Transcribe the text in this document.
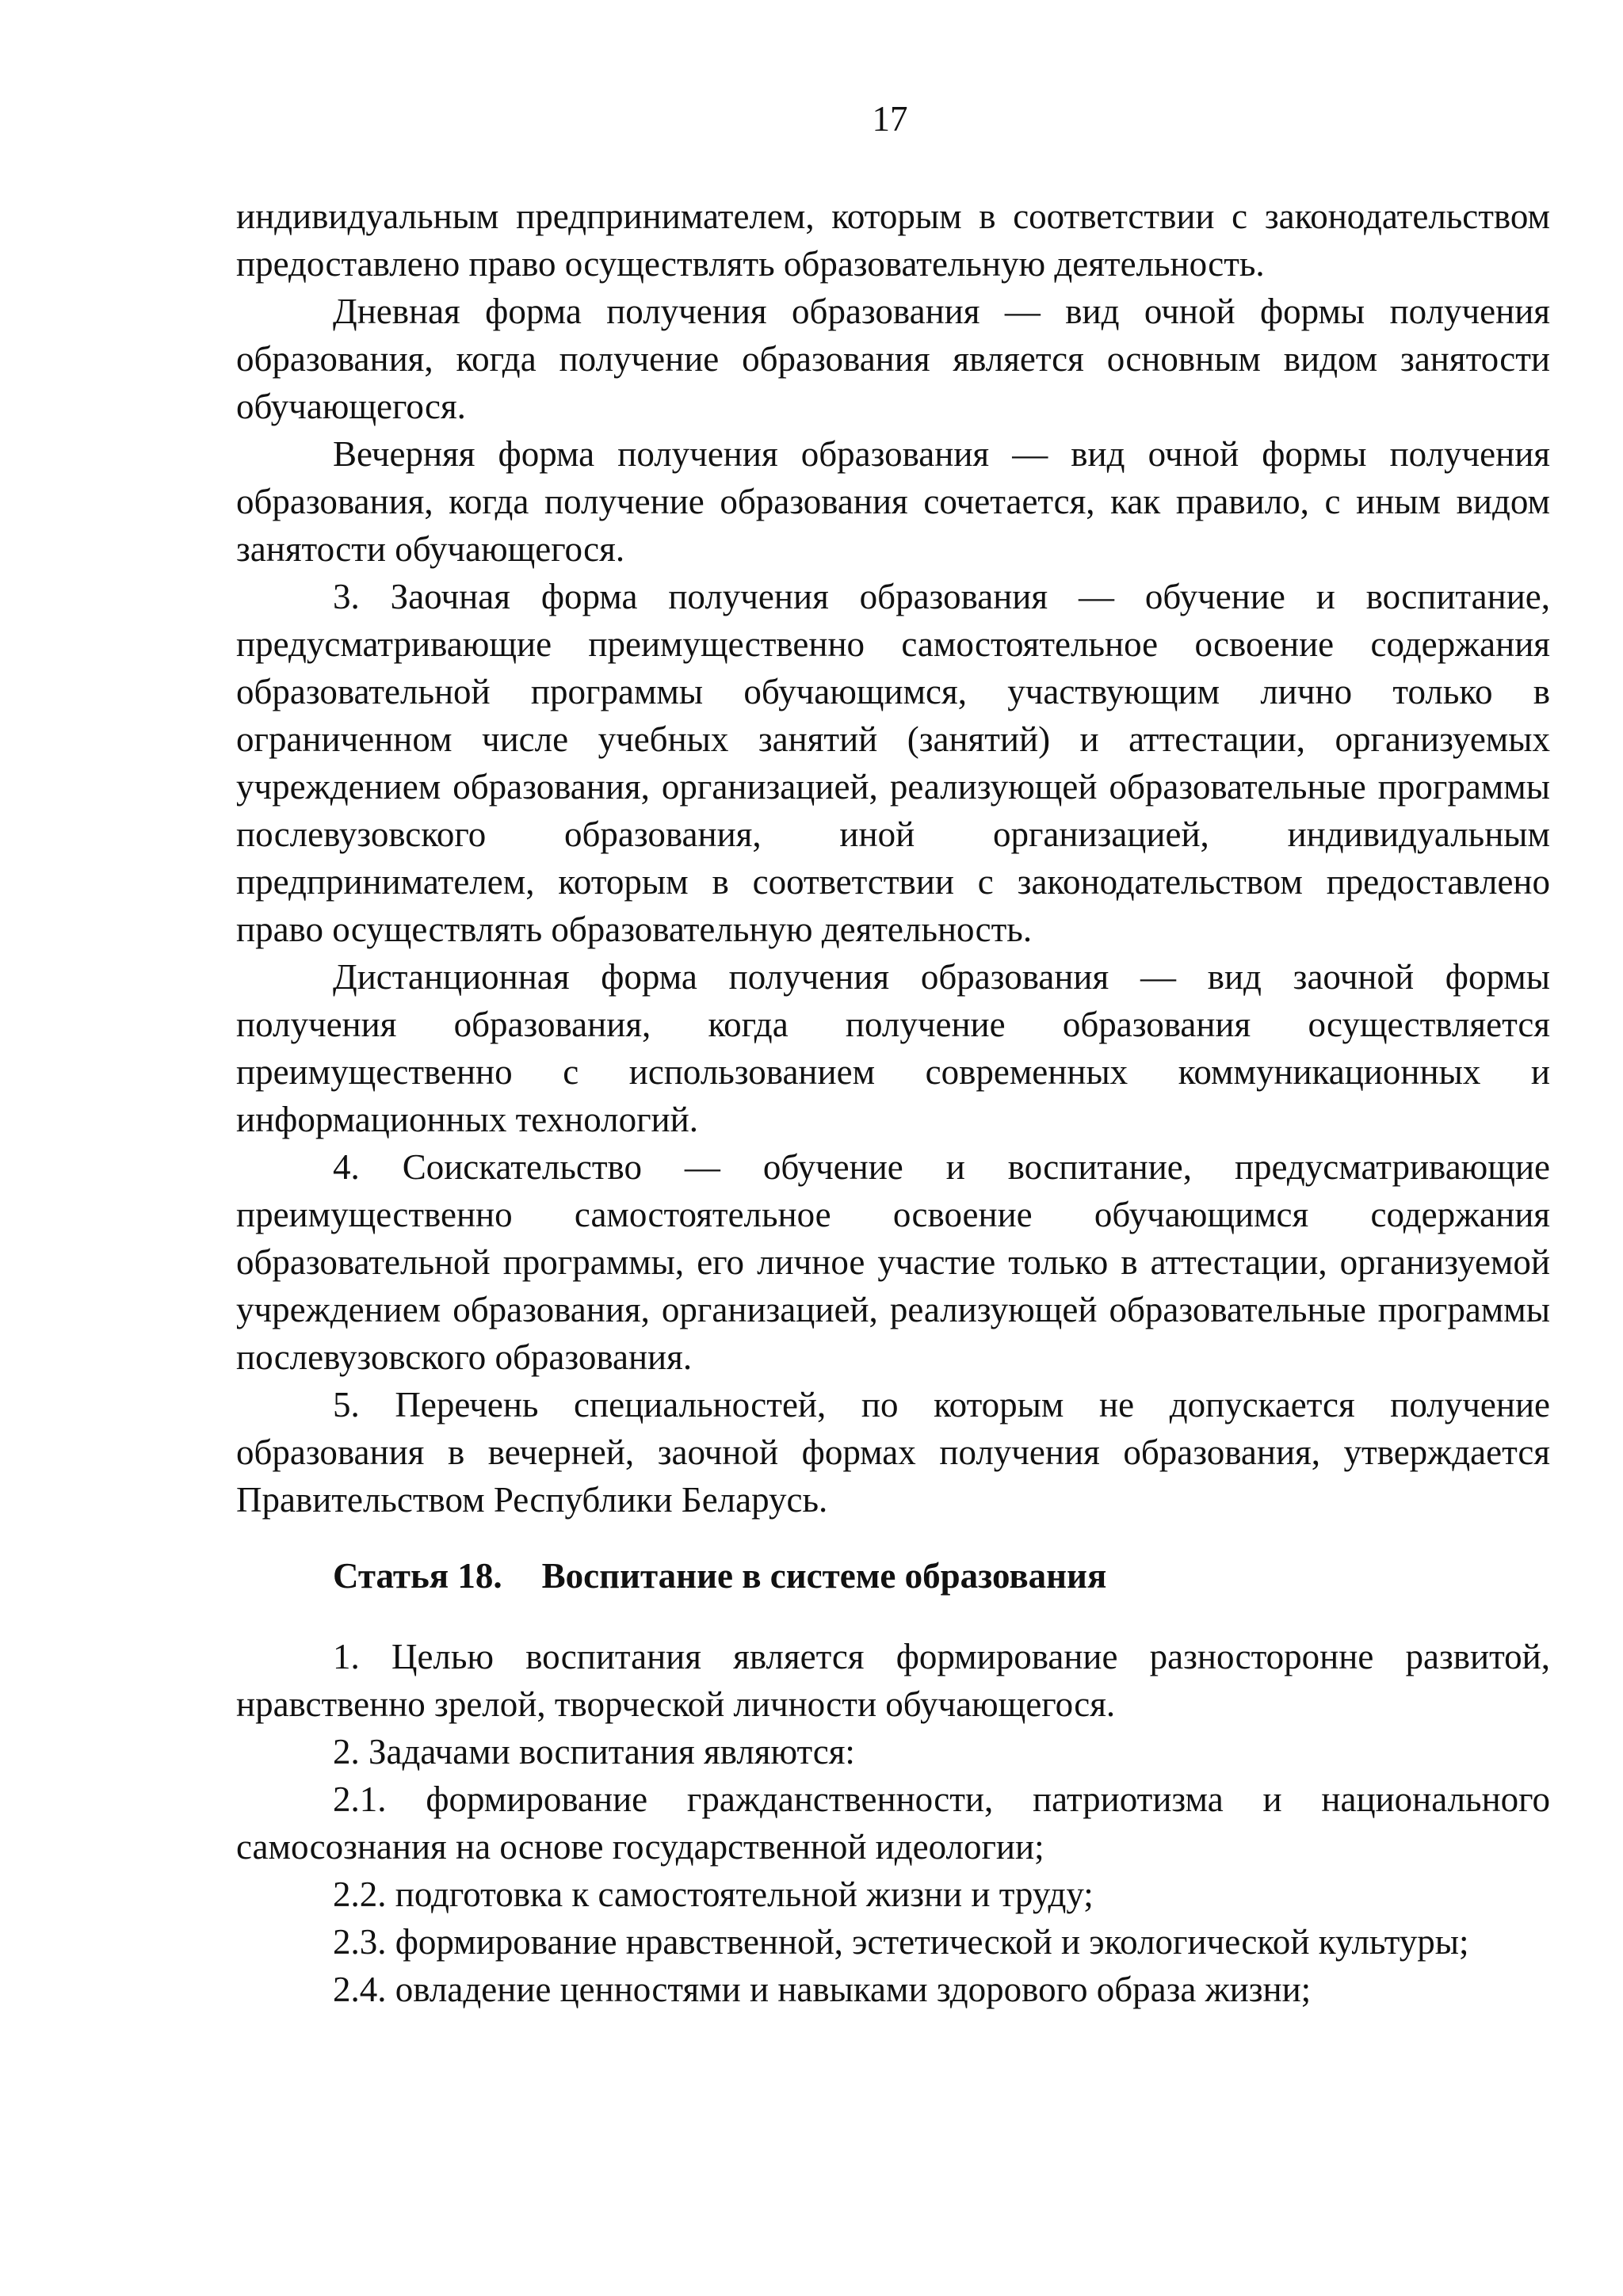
17

индивидуальным предпринимателем, которым в соответствии с законодательством предоставлено право осуществлять образовательную деятельность.

Дневная форма получения образования — вид очной формы получения образования, когда получение образования является основным видом занятости обучающегося.

Вечерняя форма получения образования — вид очной формы получения образования, когда получение образования сочетается, как правило, с иным видом занятости обучающегося.

3. Заочная форма получения образования — обучение и воспитание, предусматривающие преимущественно самостоятельное освоение содержания образовательной программы обучающимся, участвующим лично только в ограниченном числе учебных занятий (занятий) и аттестации, организуемых учреждением образования, организацией, реализующей образовательные программы послевузовского образования, иной организацией, индивидуальным предпринимателем, которым в соответствии с законодательством предоставлено право осуществлять образовательную деятельность.

Дистанционная форма получения образования — вид заочной формы получения образования, когда получение образования осуществляется преимущественно с использованием современных коммуникационных и информационных технологий.

4. Соискательство — обучение и воспитание, предусматривающие преимущественно самостоятельное освоение обучающимся содержания образовательной программы, его личное участие только в аттестации, организуемой учреждением образования, организацией, реализующей образовательные программы послевузовского образования.

5. Перечень специальностей, по которым не допускается получение образования в вечерней, заочной формах получения образования, утверждается Правительством Республики Беларусь.

Статья 18. Воспитание в системе образования

1. Целью воспитания является формирование разносторонне развитой, нравственно зрелой, творческой личности обучающегося.

2. Задачами воспитания являются:

2.1. формирование гражданственности, патриотизма и национального самосознания на основе государственной идеологии;

2.2. подготовка к самостоятельной жизни и труду;

2.3. формирование нравственной, эстетической и экологической культуры;

2.4. овладение ценностями и навыками здорового образа жизни;
